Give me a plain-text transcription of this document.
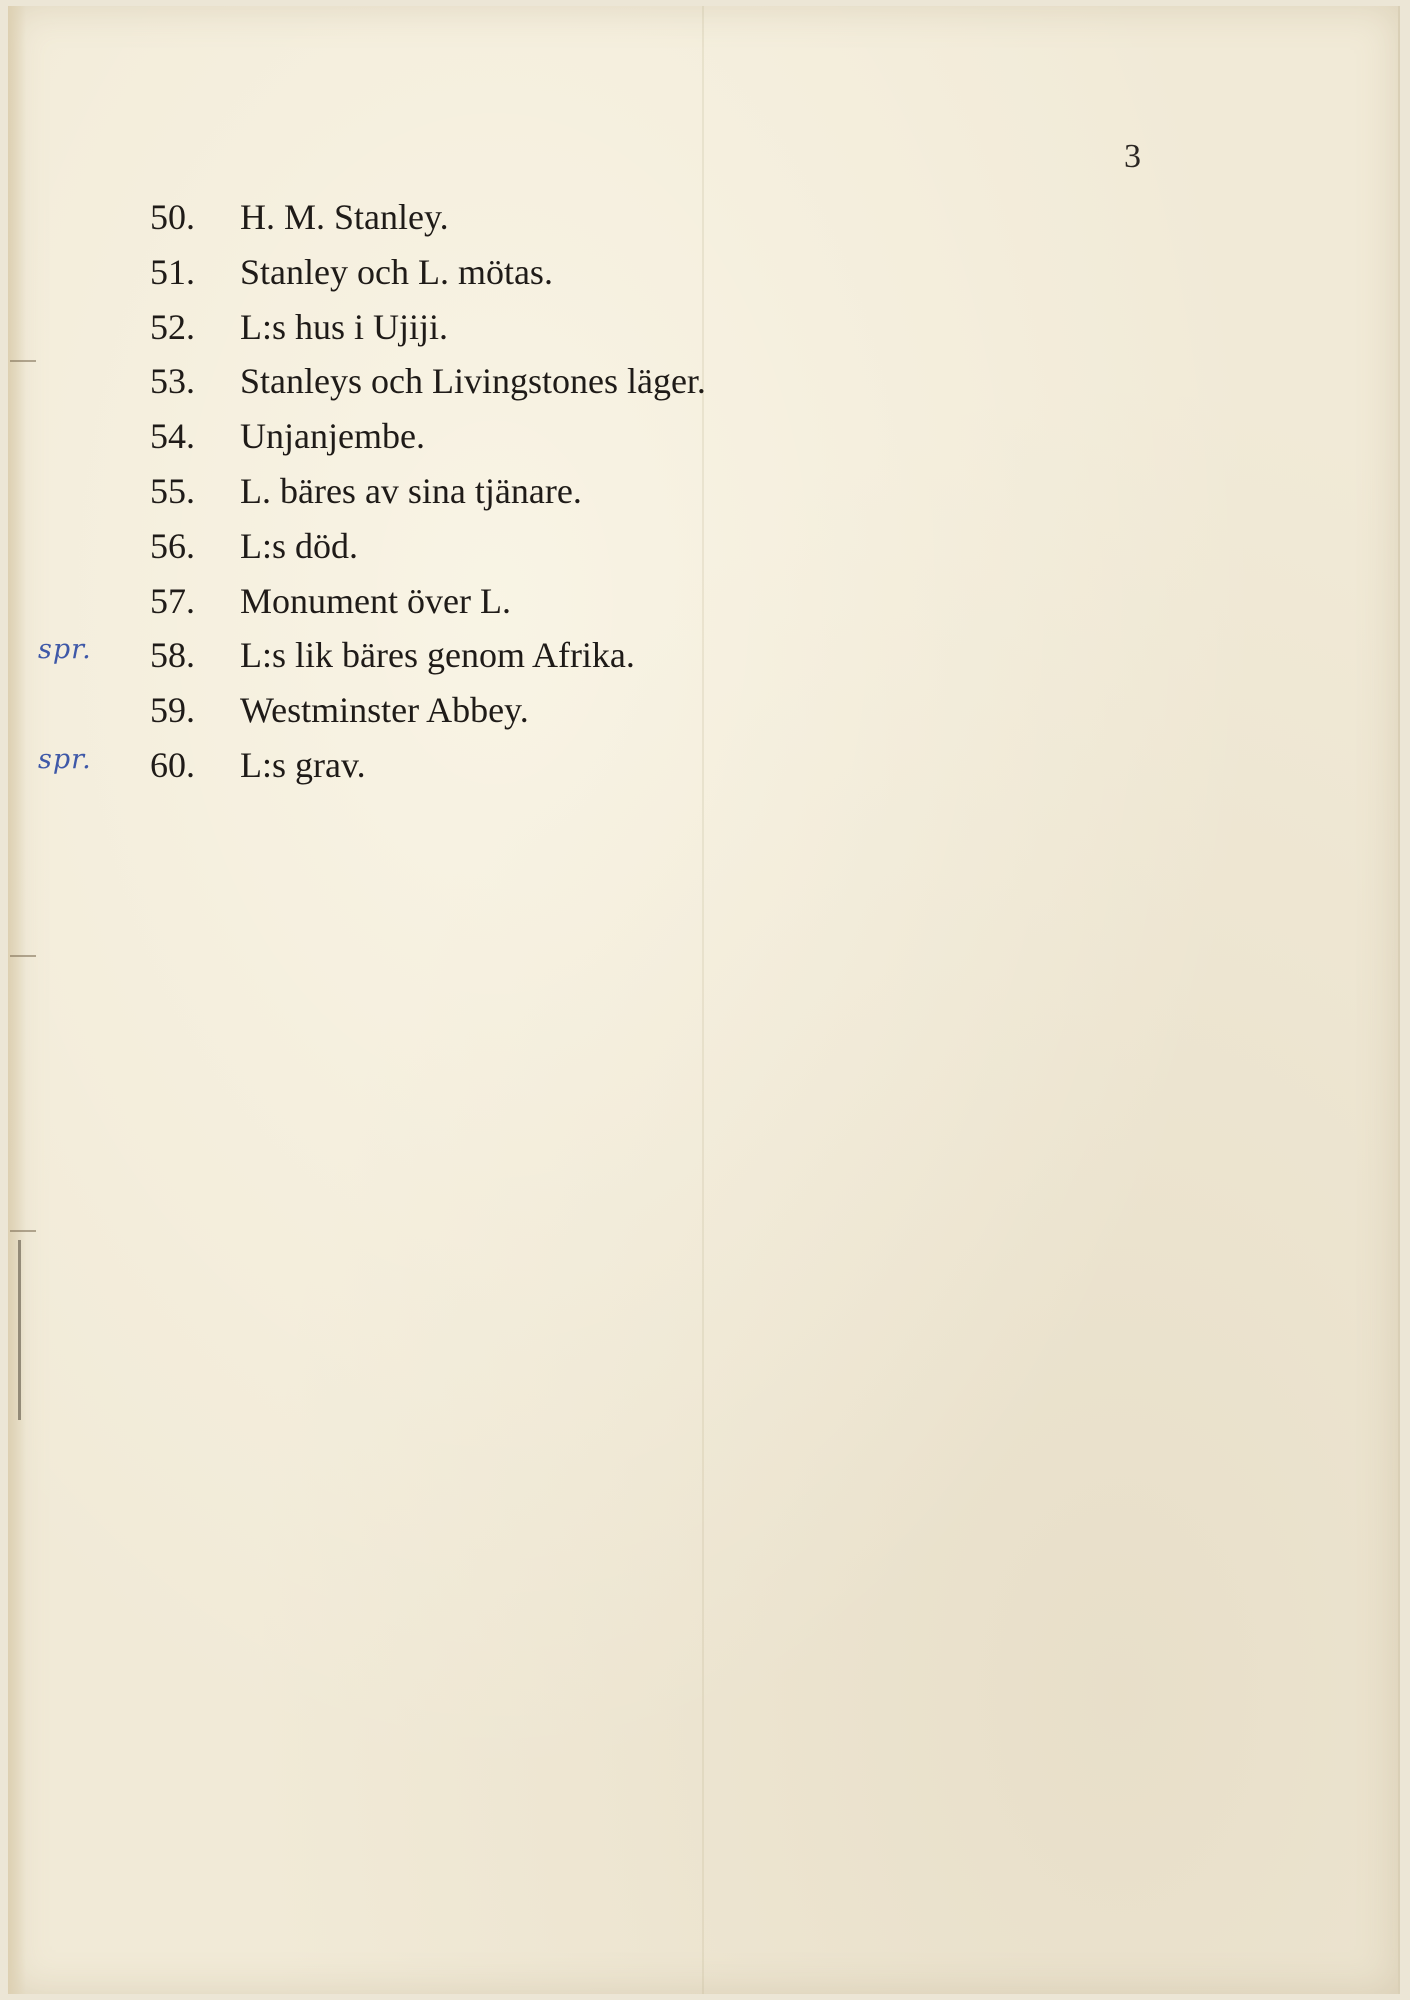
3
50. H. M. Stanley.
51. Stanley och L. mötas.
52. L:s hus i Ujiji.
53. Stanleys och Livingstones läger.
54. Unjanjembe.
55. L. bäres av sina tjänare.
56. L:s död.
57. Monument över L.
spr. 58. L:s lik bäres genom Afrika.
59. Westminster Abbey.
spr. 60. L:s grav.
